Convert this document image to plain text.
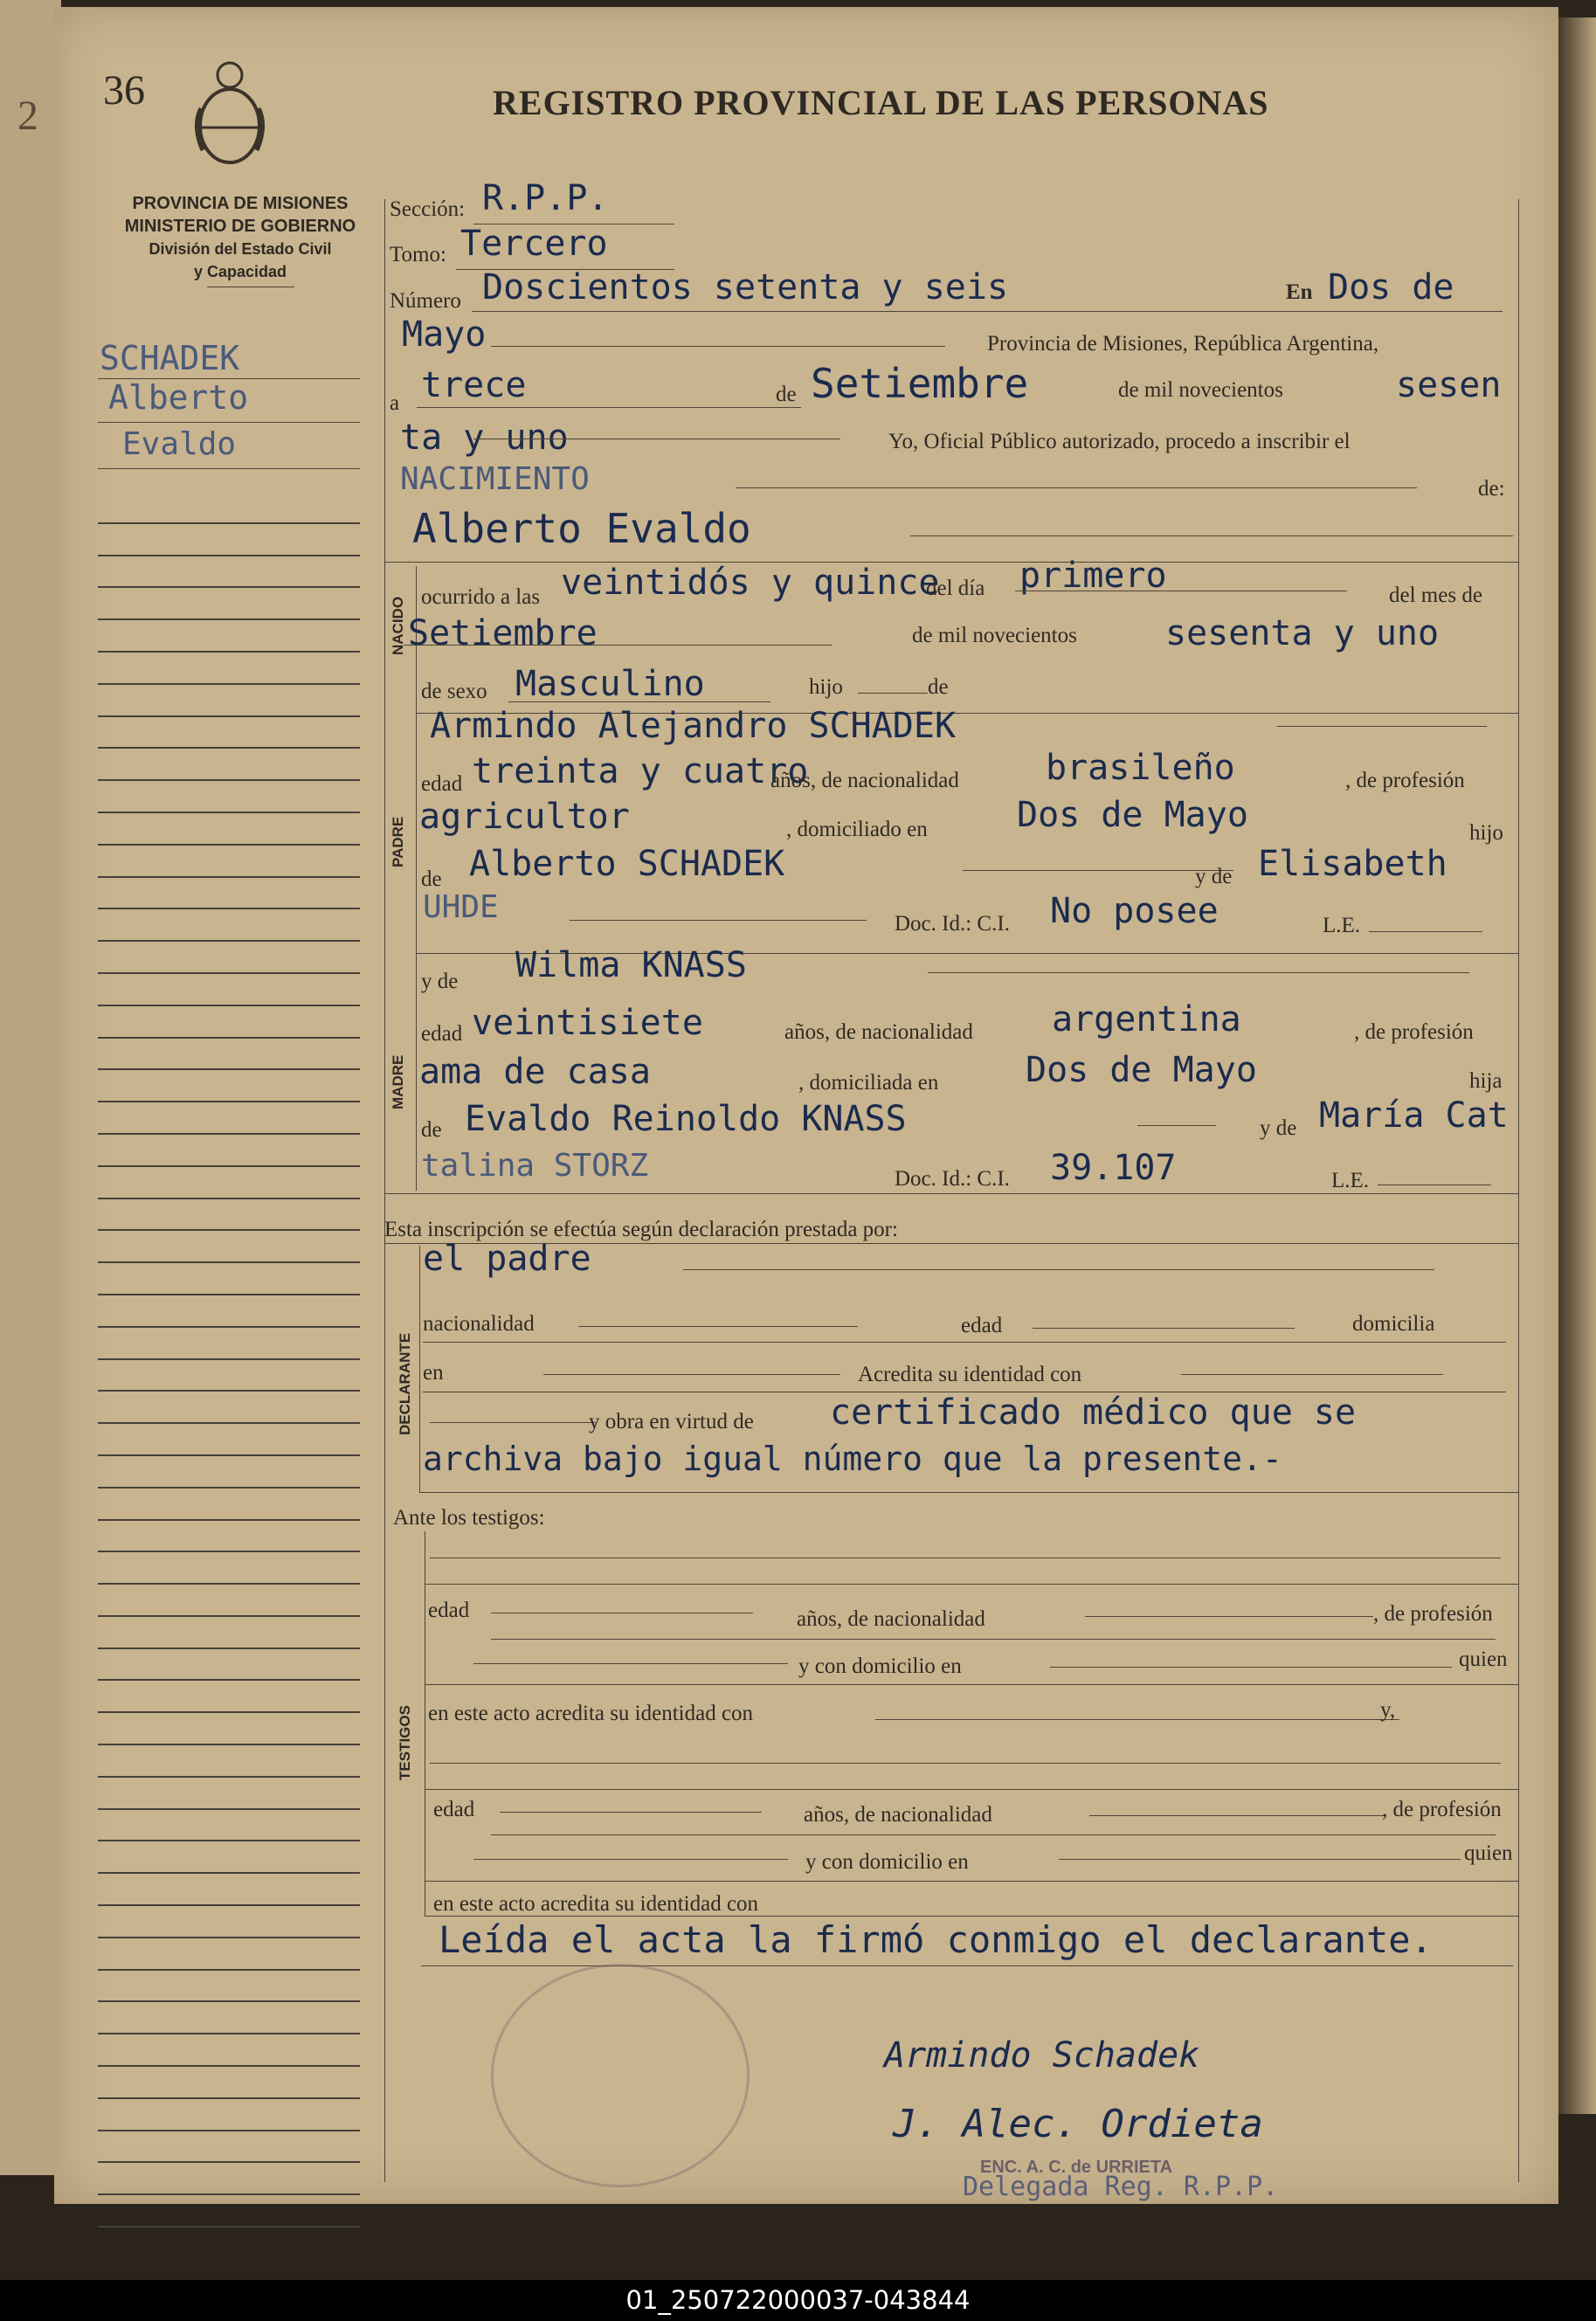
2
36	REGISTRO PROVINCIAL DE LAS PERSONAS
PROVINCIA DE MISIONES
MINISTERIO DE GOBIERNO
División del Estado Civil
y Capacidad
SCHADEK
Alberto
Evaldo
Sección: R.P.P.
Tomo: Tercero
Número Doscientos setenta y seis	En Dos de
Mayo	Provincia de Misiones, República Argentina,
a trece	de Setiembre	de mil novecientos	sesen
ta y uno	Yo, Oficial Público autorizado, procedo a inscribir el
NACIMIENTO	de:
Alberto Evaldo
NACIDO ocurrido a las veintidós y quince
del día primero	del mes de
Setiembre	de mil novecientos	sesenta y uno
de sexo Masculino	hijo	de
PADRE
Armindo Alejandro SCHADEK
edad treinta y cuatro
años, de nacionalidad brasileño	, de profesión
agricultor	, domiciliado en	Dos de Mayo	hijo
de Alberto SCHADEK	y de Elisabeth
UHDE	Doc. Id.: C.I. No posee	L.E.
MADRE
y de Wilma KNASS
edad veintisiete	años, de nacionalidad argentina	, de profesión
ama de casa	, domiciliada en Dos de Mayo	hija
de Evaldo Reinoldo KNASS	y de María Cat
talina STORZ	Doc. Id.: C.I. 39.107	L.E.
Esta inscripción se efectúa según declaración prestada por:
DECLARANTE
el padre
nacionalidad	edad	domicilia
en	Acredita su identidad con
y obra en virtud de certificado médico que se
archiva bajo igual número que la presente.-
Ante los testigos:
TESTIGOS
edad	años, de nacionalidad	, de profesión
y con domicilio en	quien
en este acto acredita su identidad con	y,
edad	años, de nacionalidad	, de profesión
y con domicilio en	quien
en este acto acredita su identidad con
Leída el acta la firmó conmigo el declarante.
Armindo Schadek
J. Alec. Ordieta
ENC. A. C. de URRIETA
Delegada Reg. R.P.P.
01_250722000037-043844
